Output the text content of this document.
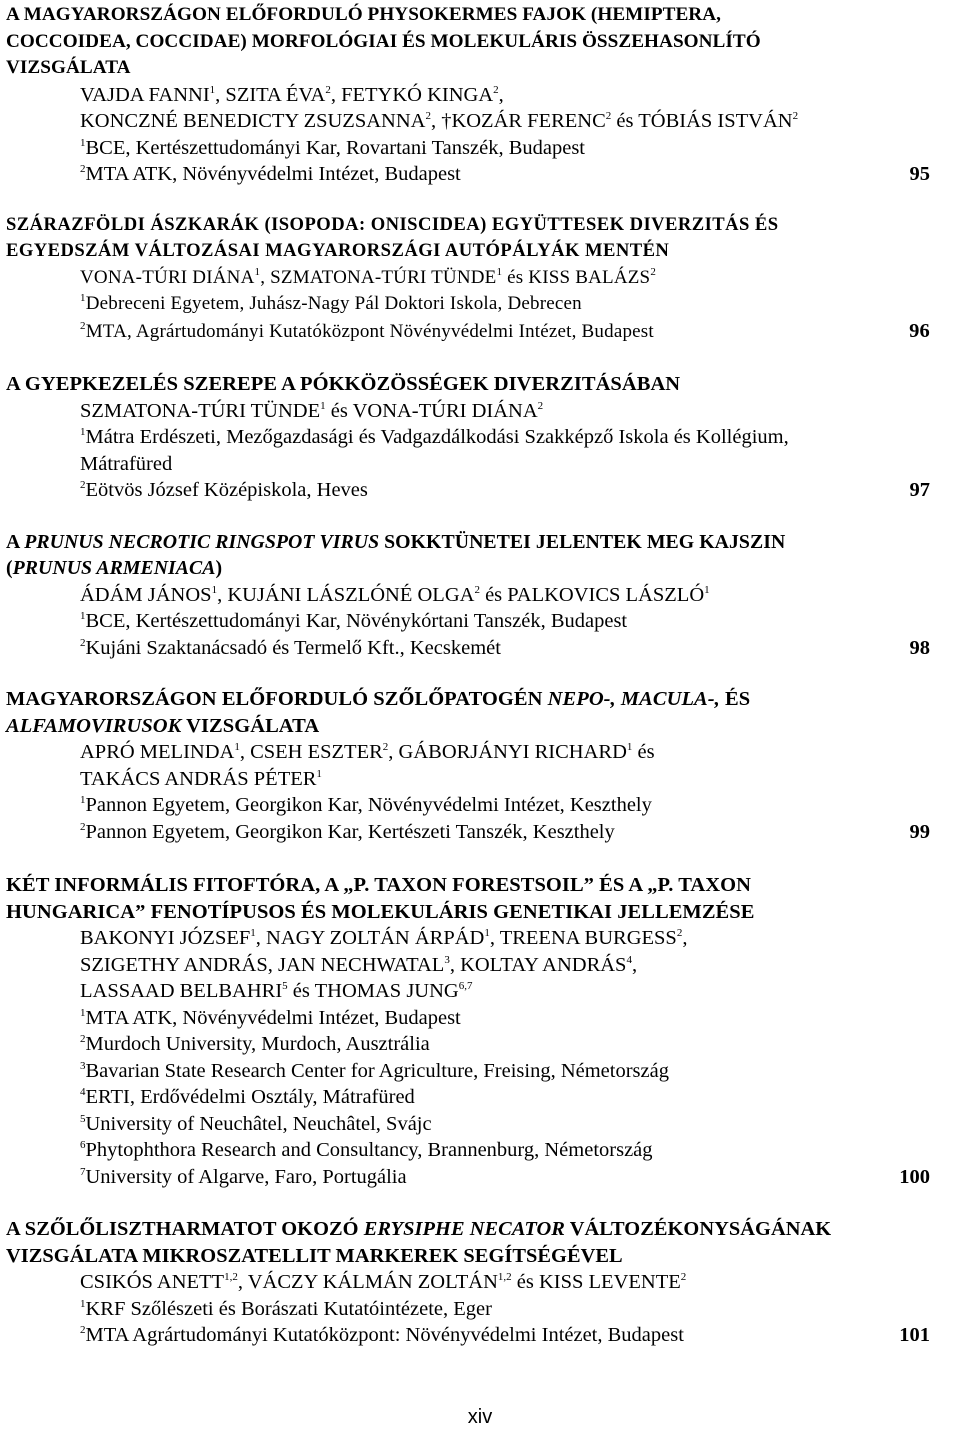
A MAGYARORSZÁGON ELŐFORDULÓ PHYSOKERMES FAJOK (HEMIPTERA,
COCCOIDEA, COCCIDAE) MORFOLÓGIAI ÉS MOLEKULÁRIS ÖSSZEHASONLÍTÓ
VIZSGÁLATA
VAJDA FANNI$^1$, SZITA ÉVA$^2$, FETYKÓ KINGA$^2$,
KONCZNÉ BENEDICTY ZSUZSANNA$^2$, †KOZÁR FERENC$^2$ és TÓBIÁS ISTVÁN$^2$
$^1$BCE, Kertészettudományi Kar, Rovartani Tanszék, Budapest
$^2$MTA ATK, Növényvédelmi Intézet, Budapest	95
SZÁRAZFÖLDI ÁSZKARÁK (ISOPODA: ONISCIDEA) EGYÜTTESEK DIVERZITÁS ÉS
EGYEDSZÁM VÁLTOZÁSAI MAGYARORSZÁGI AUTÓPÁLYÁK MENTÉN
VONA-TÚRI DIÁNA$^1$, SZMATONA-TÚRI TÜNDE$^1$ és KISS BALÁZS$^2$
$^1$Debreceni Egyetem, Juhász-Nagy Pál Doktori Iskola, Debrecen
$^2$MTA, Agrártudományi Kutatóközpont Növényvédelmi Intézet, Budapest	96
A GYEPKEZELÉS SZEREPE A PÓKKÖZÖSSÉGEK DIVERZITÁSÁBAN
SZMATONA-TÚRI TÜNDE$^1$ és VONA-TÚRI DIÁNA$^2$
$^1$Mátra Erdészeti, Mezőgazdasági és Vadgazdálkodási Szakképző Iskola és Kollégium,
Mátrafüred
$^2$Eötvös József Középiskola, Heves	97
A PRUNUS NECROTIC RINGSPOT VIRUS SOKKTÜNETEI JELENTEK MEG KAJSZIN
(PRUNUS ARMENIACA)
ÁDÁM JÁNOS$^1$, KUJÁNI LÁSZLÓNÉ OLGA$^2$ és PALKOVICS LÁSZLÓ$^1$
$^1$BCE, Kertészettudományi Kar, Növénykórtani Tanszék, Budapest
$^2$Kujáni Szaktanácsadó és Termelő Kft., Kecskemét	98
MAGYARORSZÁGON ELŐFORDULÓ SZŐLŐPATOGÉN NEPO-, MACULA-, ÉS
ALFAMOVIRUSOK VIZSGÁLATA
APRÓ MELINDA$^1$, CSEH ESZTER$^2$, GÁBORJÁNYI RICHARD$^1$ és
TAKÁCS ANDRÁS PÉTER$^1$
$^1$Pannon Egyetem, Georgikon Kar, Növényvédelmi Intézet, Keszthely
$^2$Pannon Egyetem, Georgikon Kar, Kertészeti Tanszék, Keszthely	99
KÉT INFORMÁLIS FITOFTÓRA, A „P. TAXON FORESTSOIL” ÉS A „P. TAXON
HUNGARICA” FENOTÍPUSOS ÉS MOLEKULÁRIS GENETIKAI JELLEMZÉSE
BAKONYI JÓZSEF$^1$, NAGY ZOLTÁN ÁRPÁD$^1$, TREENA BURGESS$^2$,
SZIGETHY ANDRÁS, JAN NECHWATAL$^3$, KOLTAY ANDRÁS$^4$,
LASSAAD BELBAHRI$^5$ és THOMAS JUNG$^{6,7}$
$^1$MTA ATK, Növényvédelmi Intézet, Budapest
$^2$Murdoch University, Murdoch, Ausztrália
$^3$Bavarian State Research Center for Agriculture, Freising, Németország
$^4$ERTI, Erdővédelmi Osztály, Mátrafüred
$^5$University of Neuchâtel, Neuchâtel, Svájc
$^6$Phytophthora Research and Consultancy, Brannenburg, Németország
$^7$University of Algarve, Faro, Portugália	100
A SZŐLŐLISZTHARMATOT OKOZÓ ERYSIPHE NECATOR VÁLTOZÉKONYSÁGÁNAK
VIZSGÁLATA MIKROSZATELLIT MARKEREK SEGÍTSÉGÉVEL
CSIKÓS ANETT$^{1,2}$, VÁCZY KÁLMÁN ZOLTÁN$^{1,2}$ és KISS LEVENTE$^2$
$^1$KRF Szőlészeti és Borászati Kutatóintézete, Eger
$^2$MTA Agrártudományi Kutatóközpont: Növényvédelmi Intézet, Budapest	101
xiv
